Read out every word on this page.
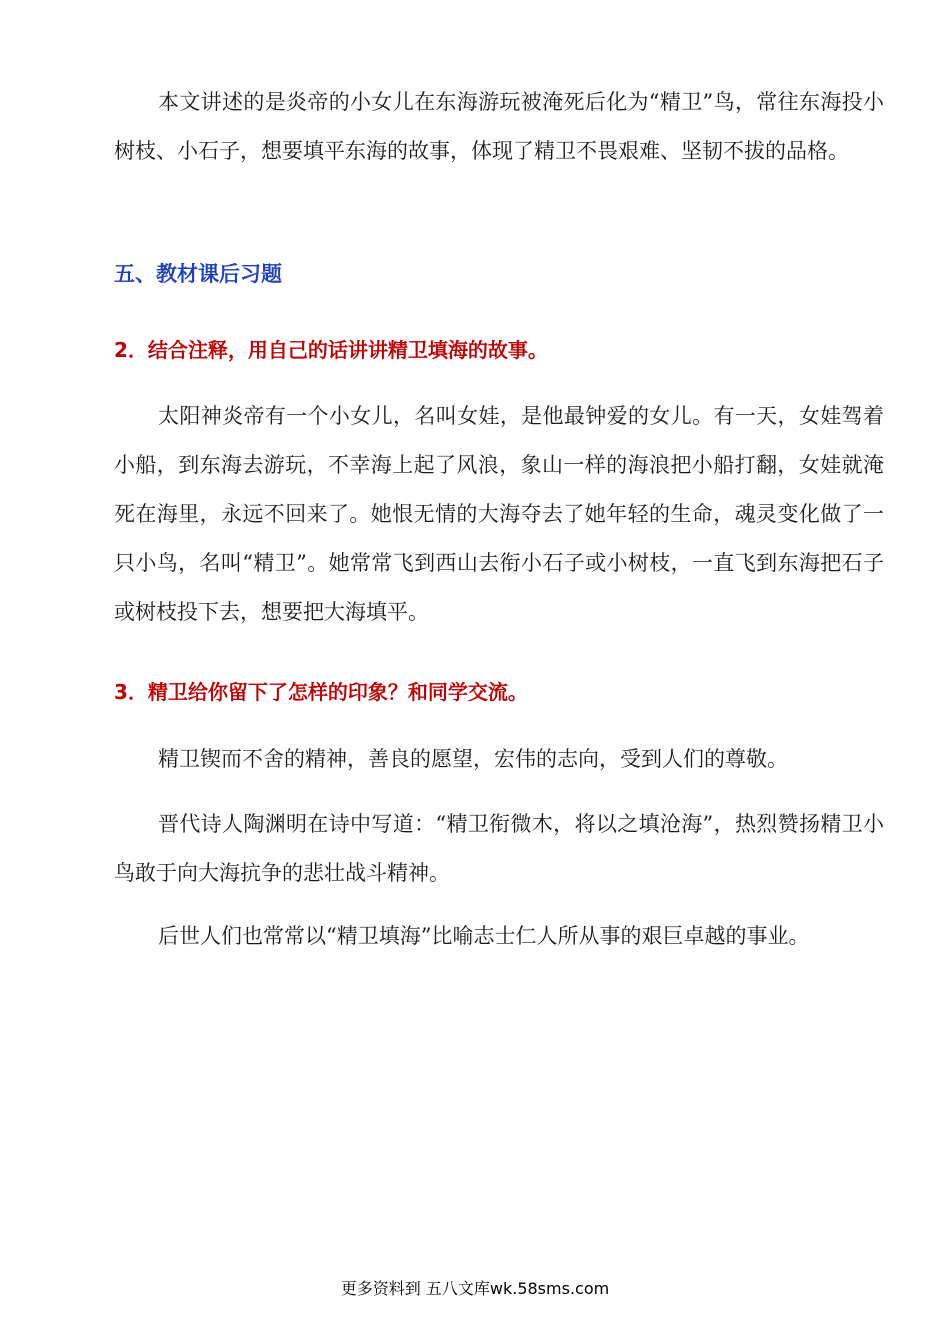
本文讲述的是炎帝的小女儿在东海游玩被淹死后化为“精卫”鸟，常往东海投小树枝、小石子，想要填平东海的故事，体现了精卫不畏艰难、坚韧不拔的品格。

五、教材课后习题
2．结合注释，用自己的话讲讲精卫填海的故事。

太阳神炎帝有一个小女儿，名叫女娃，是他最钟爱的女儿。有一天，女娃驾着小船，到东海去游玩，不幸海上起了风浪，象山一样的海浪把小船打翻，女娃就淹死在海里，永远不回来了。她恨无情的大海夺去了她年轻的生命，魂灵变化做了一只小鸟，名叫“精卫”。她常常飞到西山去衔小石子或小树枝，一直飞到东海把石子或树枝投下去，想要把大海填平。

3．精卫给你留下了怎样的印象？和同学交流。

精卫锲而不舍的精神，善良的愿望，宏伟的志向，受到人们的尊敬。

晋代诗人陶渊明在诗中写道：“精卫衔微木，将以之填沧海”，热烈赞扬精卫小鸟敢于向大海抗争的悲壮战斗精神。

后世人们也常常以“精卫填海”比喻志士仁人所从事的艰巨卓越的事业。

更多资料到 五八文库wk.58sms.com
